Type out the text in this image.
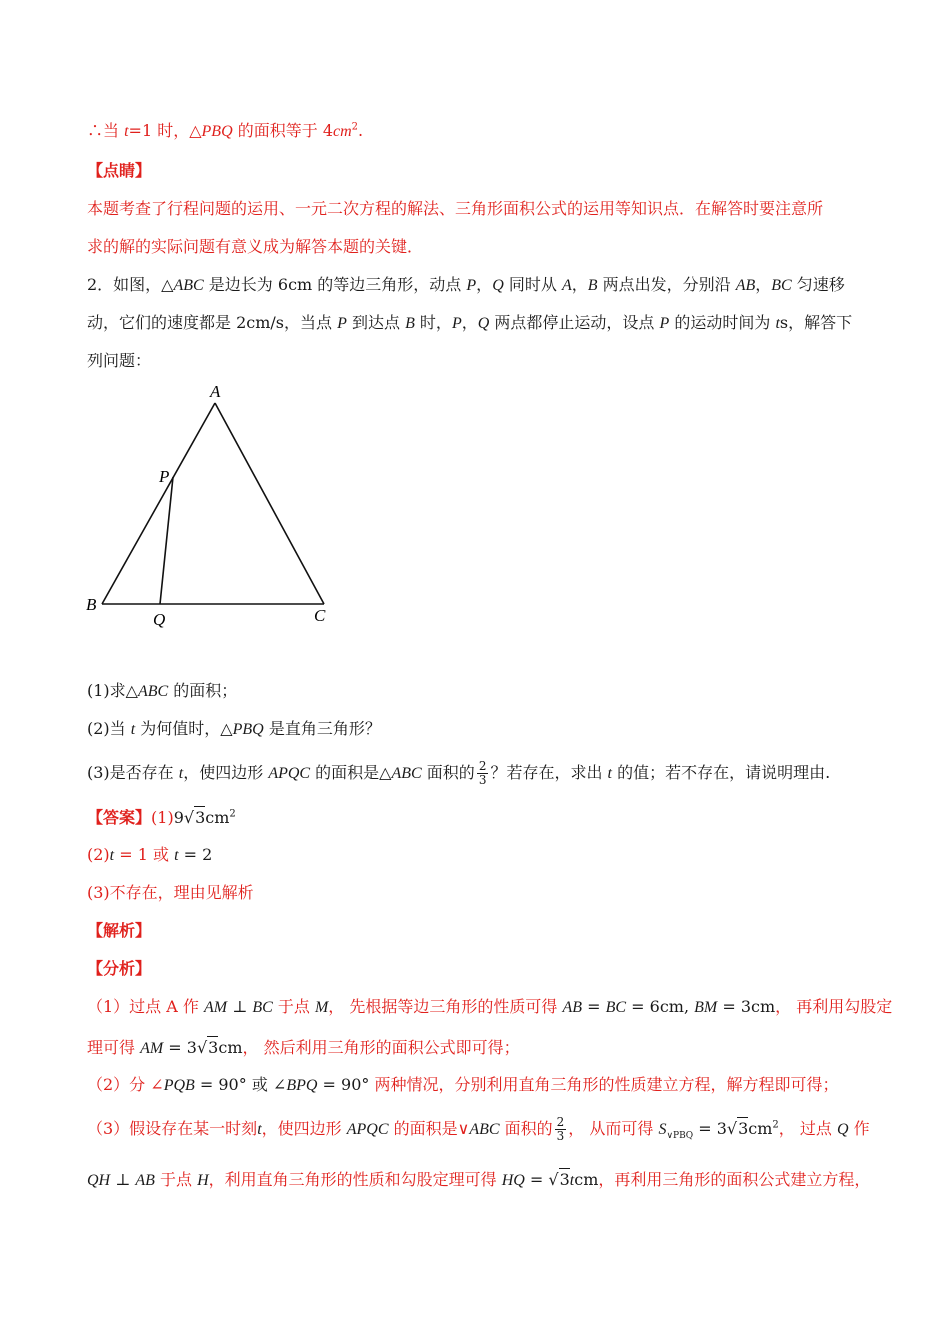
∴当 t=1 时，△PBQ 的面积等于 $4cm^2$.
【点睛】
本题考查了行程问题的运用、一元二次方程的解法、三角形面积公式的运用等知识点．在解答时要注意所
求的解的实际问题有意义成为解答本题的关键．
2．如图，△ABC 是边长为 6cm 的等边三角形，动点 P，Q 同时从 A，B 两点出发，分别沿 AB，BC 匀速移
动，它们的速度都是 2cm/s，当点 P 到达点 B 时，P，Q 两点都停止运动，设点 P 的运动时间为 ts，解答下
列问题：
A
P
B
Q	C
(1)求△ABC 的面积；
(2)当 t 为何值时，△PBQ 是直角三角形？
(3)是否存在 t，使四边形 APQC 的面积是△ABC 面积的 $\frac{2}{3}$ ？若存在，求出 t 的值；若不存在，请说明理由.
【答案】$(1)9√3cm^2$
(2)t = 1 或 t = 2
(3)不存在，理由见解析
【解析】
【分析】
（1）过点 A 作 AM ⊥ BC 于点 M， 先根据等边三角形的性质可得 AB = BC = 6cm, BM = 3cm， 再利用勾股定
理可得 AM = 3√3cm， 然后利用三角形的面积公式即可得；
（2）分 ∠PQB = 90° 或 ∠BPQ = 90° 两种情况，分别利用直角三角形的性质建立方程，解方程即可得；
（3）假设存在某一时刻t，使四边形 APQC 的面积是∨ABC 面积的 $\frac{2}{3}$ ， 从而可得 $S_{\vee PBQ} = 3√3cm^2$， 过点 Q 作
QH ⊥ AB 于点 H，利用直角三角形的性质和勾股定理可得 HQ = √3tcm，再利用三角形的面积公式建立方程，
